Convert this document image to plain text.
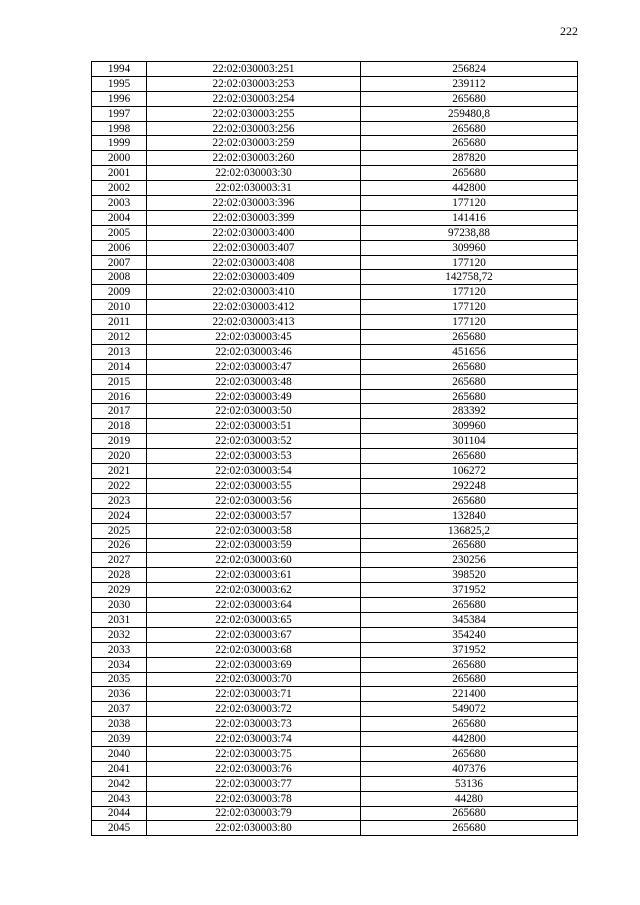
222
1994	22:02:030003:251	256824
1995	22:02:030003:253	239112
1996	22:02:030003:254	265680
1997	22:02:030003:255	259480,8
1998	22:02:030003:256	265680
1999	22:02:030003:259	265680
2000	22:02:030003:260	287820
2001	22:02:030003:30	265680
2002	22:02:030003:31	442800
2003	22:02:030003:396	177120
2004	22:02:030003:399	141416
2005	22:02:030003:400	97238,88
2006	22:02:030003:407	309960
2007	22:02:030003:408	177120
2008	22:02:030003:409	142758,72
2009	22:02:030003:410	177120
2010	22:02:030003:412	177120
2011	22:02:030003:413	177120
2012	22:02:030003:45	265680
2013	22:02:030003:46	451656
2014	22:02:030003:47	265680
2015	22:02:030003:48	265680
2016	22:02:030003:49	265680
2017	22:02:030003:50	283392
2018	22:02:030003:51	309960
2019	22:02:030003:52	301104
2020	22:02:030003:53	265680
2021	22:02:030003:54	106272
2022	22:02:030003:55	292248
2023	22:02:030003:56	265680
2024	22:02:030003:57	132840
2025	22:02:030003:58	136825,2
2026	22:02:030003:59	265680
2027	22:02:030003:60	230256
2028	22:02:030003:61	398520
2029	22:02:030003:62	371952
2030	22:02:030003:64	265680
2031	22:02:030003:65	345384
2032	22:02:030003:67	354240
2033	22:02:030003:68	371952
2034	22:02:030003:69	265680
2035	22:02:030003:70	265680
2036	22:02:030003:71	221400
2037	22:02:030003:72	549072
2038	22:02:030003:73	265680
2039	22:02:030003:74	442800
2040	22:02:030003:75	265680
2041	22:02:030003:76	407376
2042	22:02:030003:77	53136
2043	22:02:030003:78	44280
2044	22:02:030003:79	265680
2045	22:02:030003:80	265680
